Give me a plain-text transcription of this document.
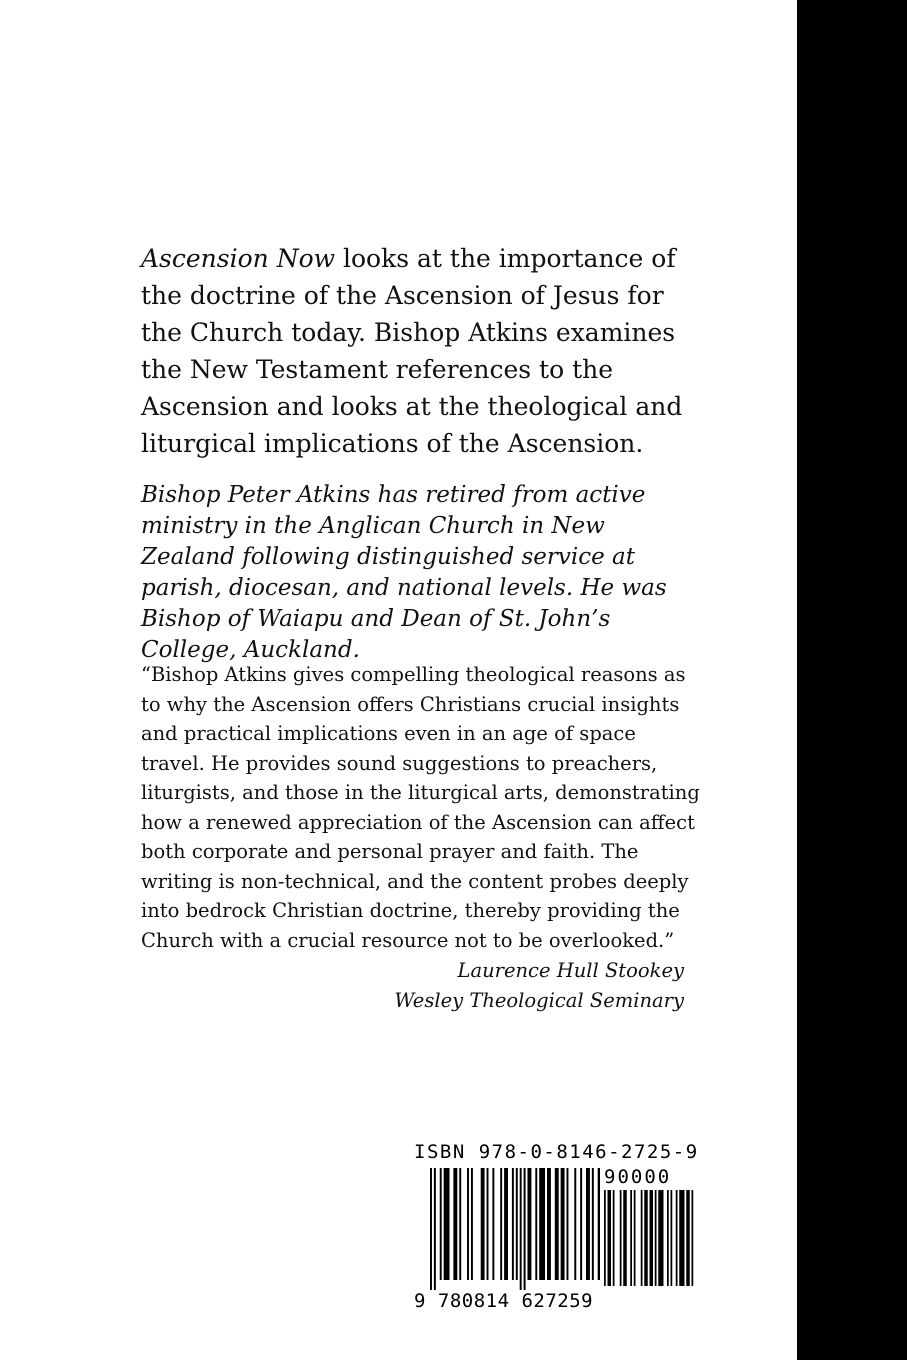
Ascension Now looks at the importance of the doctrine of the Ascension of Jesus for the Church today. Bishop Atkins examines the New Testament references to the Ascension and looks at the theological and liturgical implications of the Ascension.

Bishop Peter Atkins has retired from active ministry in the Anglican Church in New Zealand following distinguished service at parish, diocesan, and national levels. He was Bishop of Waiapu and Dean of St. John’s College, Auckland.

“Bishop Atkins gives compelling theological reasons as to why the Ascension offers Christians crucial insights and practical implications even in an age of space travel. He provides sound suggestions to preachers, liturgists, and those in the liturgical arts, demonstrating how a renewed appreciation of the Ascension can affect both corporate and personal prayer and faith. The writing is non-technical, and the content probes deeply into bedrock Christian doctrine, thereby providing the Church with a crucial resource not to be overlooked.”

Laurence Hull Stookey
Wesley Theological Seminary
ISBN 978-0-8146-2725-9
90000
9 780814 627259
